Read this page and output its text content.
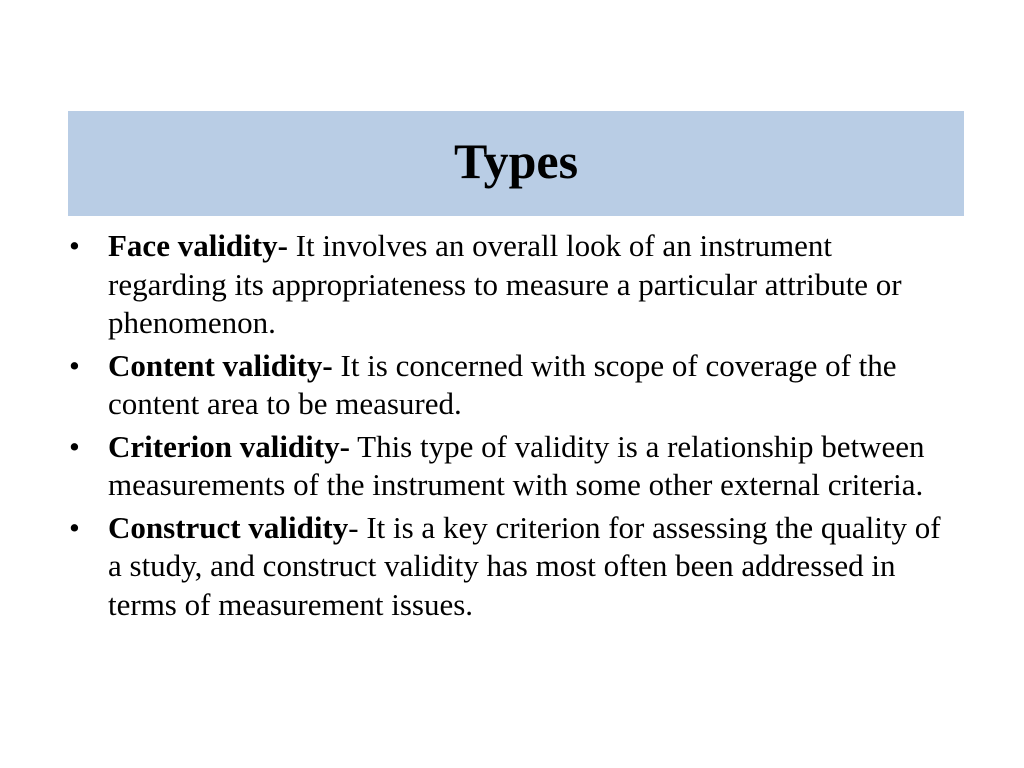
Types
• Face validity- It involves an overall look of an instrument regarding its appropriateness to measure a particular attribute or phenomenon.
• Content validity- It is concerned with scope of coverage of the content area to be measured.
• Criterion validity- This type of validity is a relationship between measurements of the instrument with some other external criteria.
• Construct validity- It is a key criterion for assessing the quality of a study, and construct validity has most often been addressed in terms of measurement issues.
